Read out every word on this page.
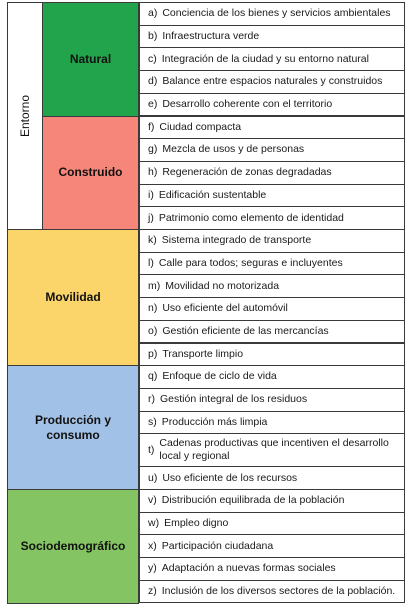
a) Conciencia de los bienes y servicios ambientales
b) Infraestructura verde
c) Integración de la ciudad y su entorno natural
d) Balance entre espacios naturales y construidos
e) Desarrollo coherente con el territorio
f) Ciudad compacta
g) Mezcla de usos y de personas
h) Regeneración de zonas degradadas
i) Edificación sustentable
j) Patrimonio como elemento de identidad
Entorno
Natural
Construido
k) Sistema integrado de transporte
l) Calle para todos; seguras e incluyentes
m) Movilidad no motorizada
n) Uso eficiente del automóvil
o) Gestión eficiente de las mercancías
p) Transporte limpio
Movilidad
q) Enfoque de ciclo de vida
r) Gestión integral de los residuos
s) Producción más limpia
t)
Cadenas productivas que incentiven el desarrollo local y regional
u) Uso eficiente de los recursos
Producción y consumo
v) Distribución equilibrada de la población
w) Empleo digno
x) Participación ciudadana
y) Adaptación a nuevas formas sociales
z) Inclusión de los diversos sectores de la población.
Sociodemográfico
